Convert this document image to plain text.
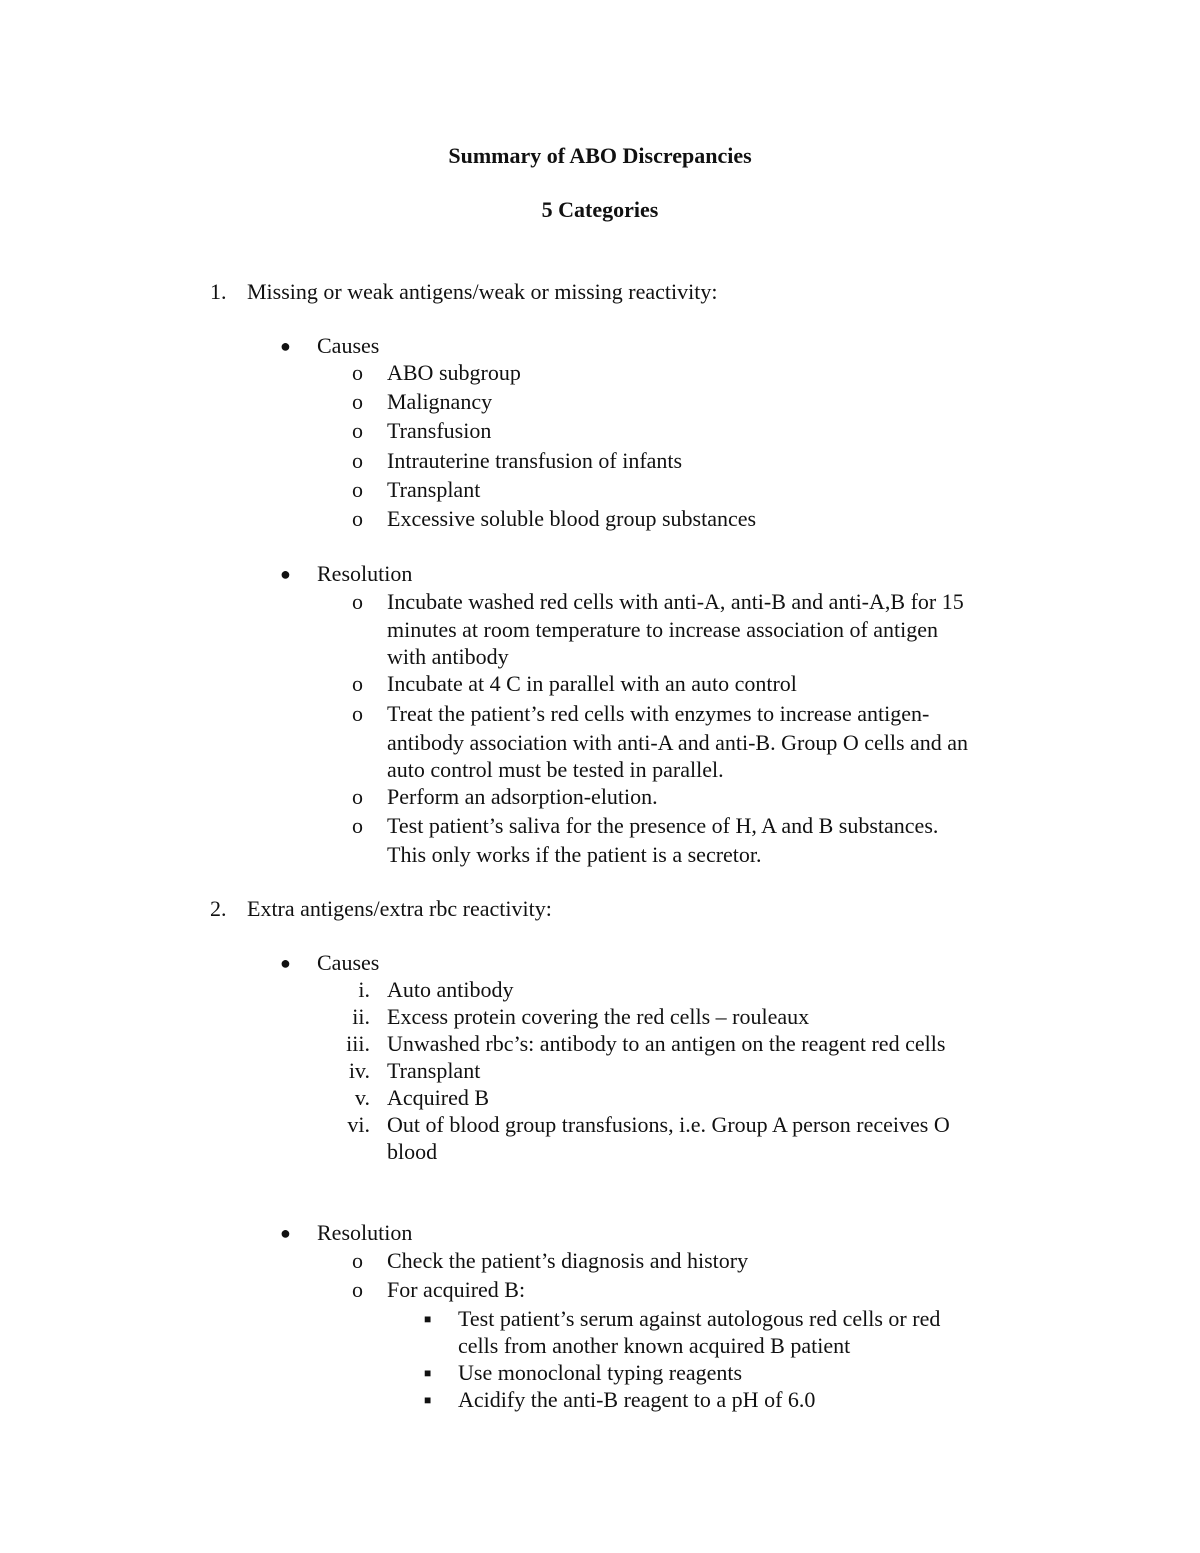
Summary of ABO Discrepancies
5 Categories
1. Missing or weak antigens/weak or missing reactivity:
● Causes
o ABO subgroup
o Malignancy
o Transfusion
o Intrauterine transfusion of infants
o Transplant
o Excessive soluble blood group substances
● Resolution
o Incubate washed red cells with anti-A, anti-B and anti-A,B for 15
minutes at room temperature to increase association of antigen
with antibody
o Incubate at 4 C in parallel with an auto control
o Treat the patient’s red cells with enzymes to increase antigen-
antibody association with anti-A and anti-B. Group O cells and an
auto control must be tested in parallel.
o Perform an adsorption-elution.
o Test patient’s saliva for the presence of H, A and B substances.
This only works if the patient is a secretor.
2. Extra antigens/extra rbc reactivity:
● Causes
i. Auto antibody
ii. Excess protein covering the red cells – rouleaux
iii. Unwashed rbc’s: antibody to an antigen on the reagent red cells
iv. Transplant
v. Acquired B
vi. Out of blood group transfusions, i.e. Group A person receives O
blood
● Resolution
o Check the patient’s diagnosis and history
o For acquired B:
■ Test patient’s serum against autologous red cells or red
cells from another known acquired B patient
■ Use monoclonal typing reagents
■ Acidify the anti-B reagent to a pH of 6.0
